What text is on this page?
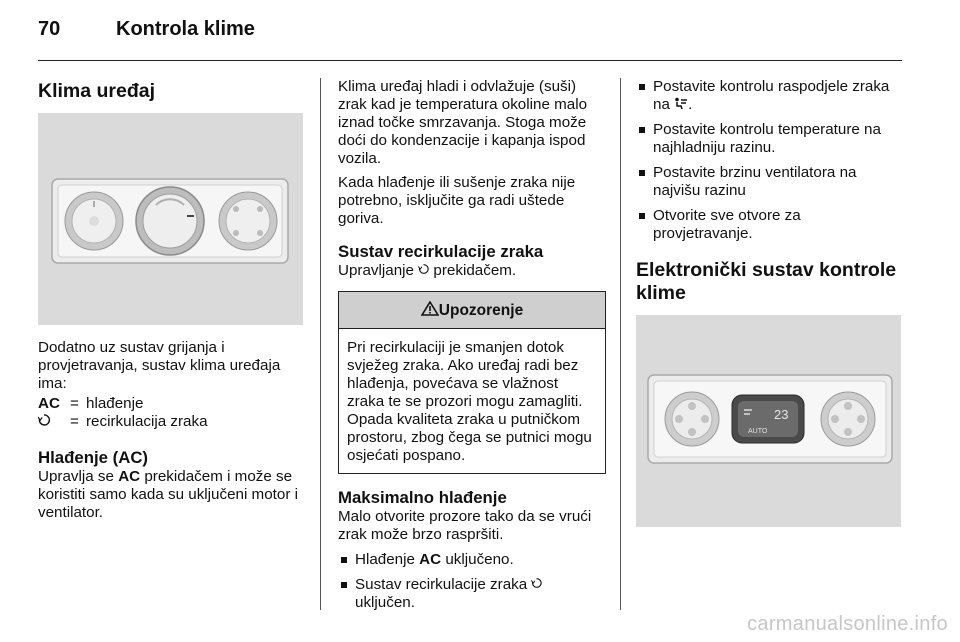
70	Kontrola klime
Klima uređaj

Dodatno uz sustav grijanja i provjetravanja, sustav klima uređaja ima:

AC = hlađenje
= recirkulacija zraka
Hlađenje (AC)

Upravlja se AC prekidačem i može se koristiti samo kada su uključeni motor i ventilator.

Klima uređaj hladi i odvlažuje (suši) zrak kad je temperatura okoline malo iznad točke smrzavanja. Stoga može doći do kondenzacije i kapanja ispod vozila.

Kada hlađenje ili sušenje zraka nije potrebno, isključite ga radi uštede goriva.

Sustav recirkulacije zraka

Upravljanje  prekidačem.

Upozorenje
Pri recirkulaciji je smanjen dotok svježeg zraka. Ako uređaj radi bez hlađenja, povećava se vlažnost zraka te se prozori mogu zamagliti. Opada kvaliteta zraka u putničkom prostoru, zbog čega se putnici mogu osjećati pospano.
Maksimalno hlađenje

Malo otvorite prozore tako da se vrući zrak može brzo raspršiti.

Hlađenje AC uključeno.
Sustav recirkulacije zraka
uključen.
Postavite kontrolu raspodjele zraka na .
Postavite kontrolu temperature na najhladniju razinu.
Postavite brzinu ventilatora na najvišu razinu
Otvorite sve otvore za provjetravanje.
Elektronički sustav kontrole klime
23
AUTO
carmanualsonline.info
